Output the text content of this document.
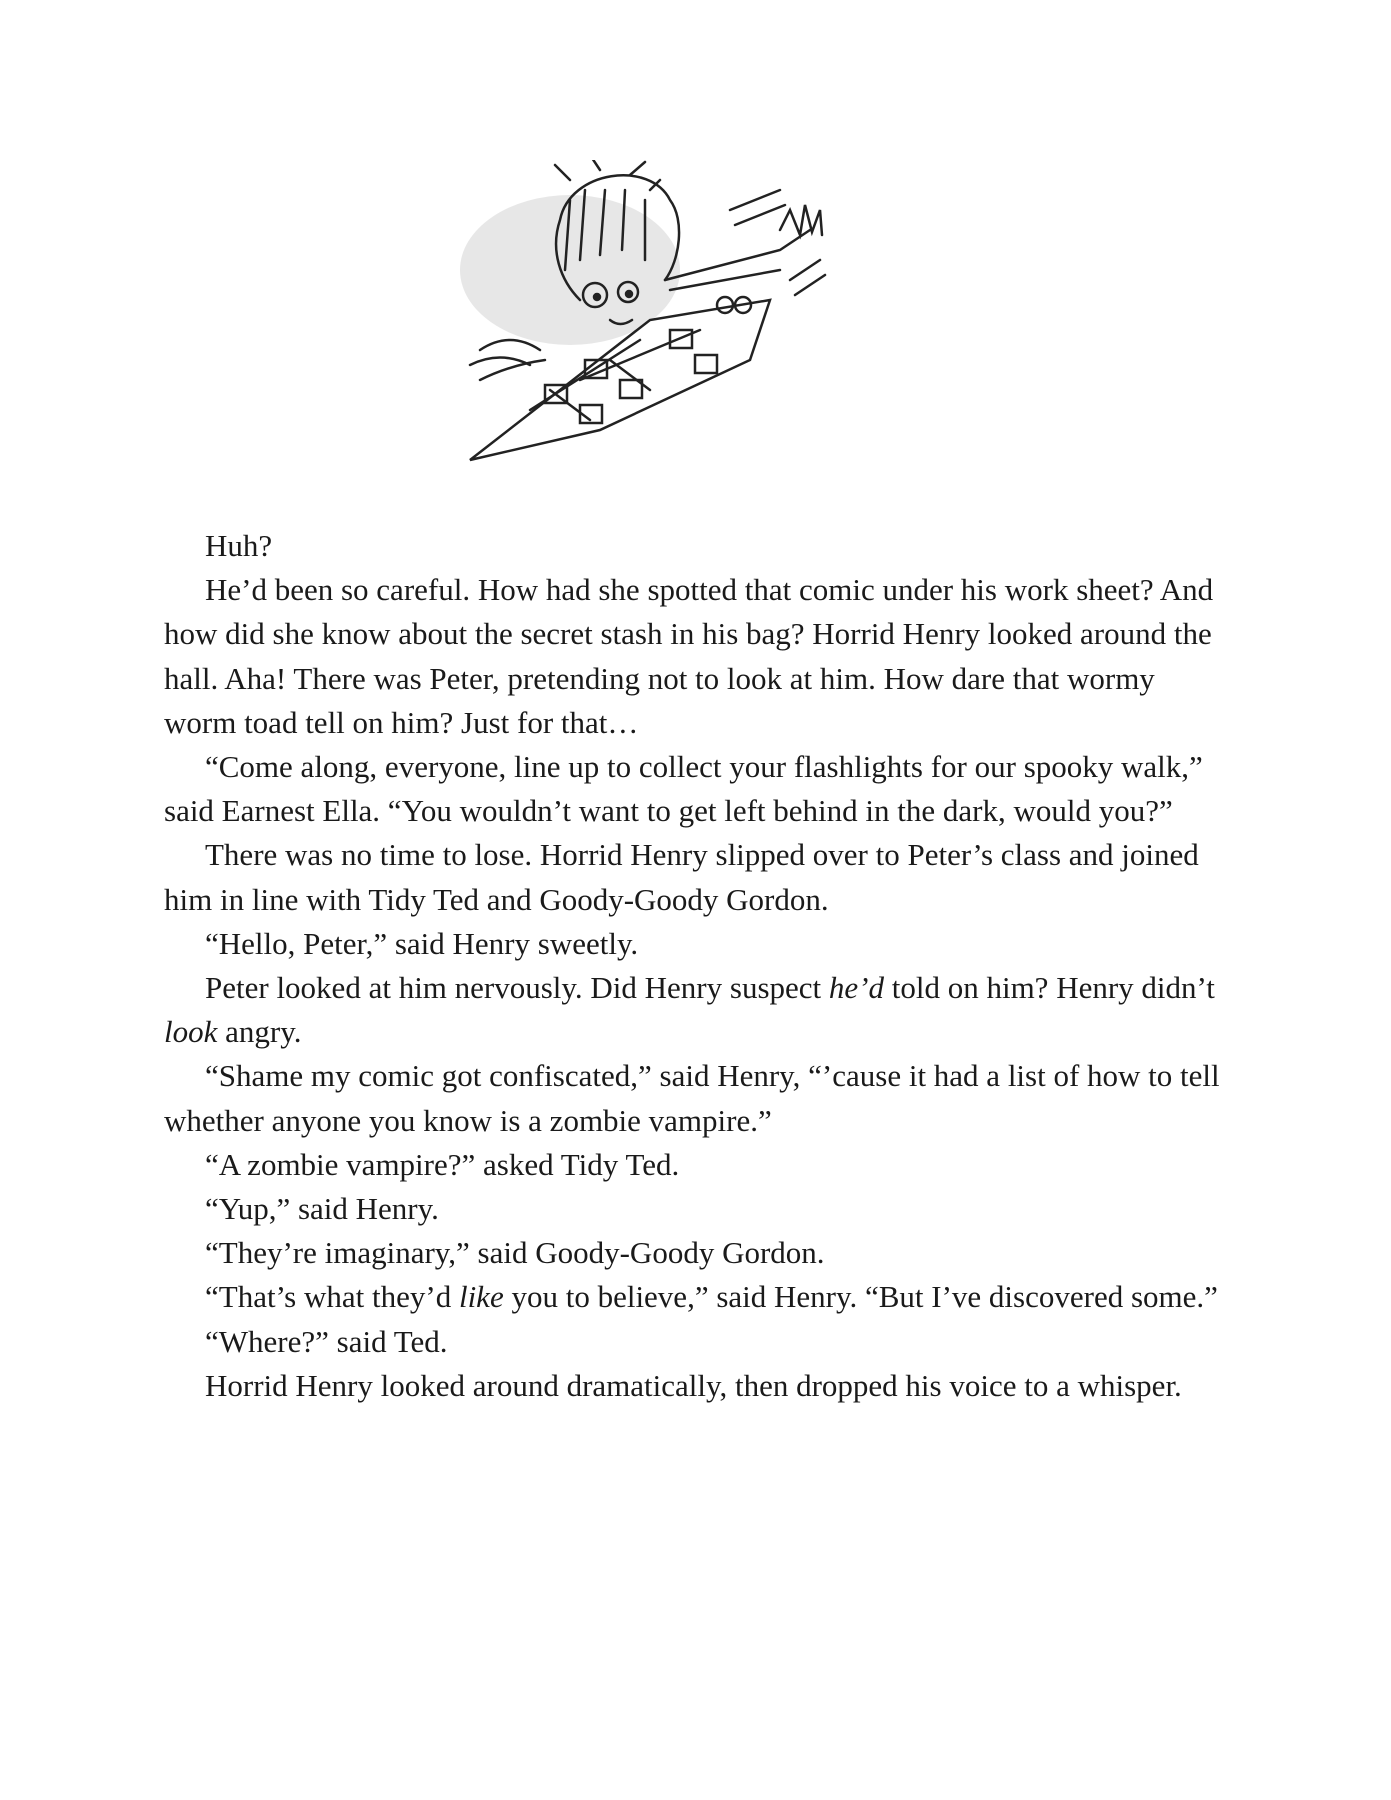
Huh?

He’d been so careful. How had she spotted that comic under his work sheet? And how did she know about the secret stash in his bag? Horrid Henry looked around the hall. Aha! There was Peter, pretending not to look at him. How dare that wormy worm toad tell on him? Just for that…

“Come along, everyone, line up to collect your flashlights for our spooky walk,” said Earnest Ella. “You wouldn’t want to get left behind in the dark, would you?”

There was no time to lose. Horrid Henry slipped over to Peter’s class and joined him in line with Tidy Ted and Goody-Goody Gordon.

“Hello, Peter,” said Henry sweetly.

Peter looked at him nervously. Did Henry suspect he’d told on him? Henry didn’t look angry.

“Shame my comic got confiscated,” said Henry, “’cause it had a list of how to tell whether anyone you know is a zombie vampire.”

“A zombie vampire?” asked Tidy Ted.

“Yup,” said Henry.

“They’re imaginary,” said Goody-Goody Gordon.

“That’s what they’d like you to believe,” said Henry. “But I’ve discovered some.”

“Where?” said Ted.

Horrid Henry looked around dramatically, then dropped his voice to a whisper.
